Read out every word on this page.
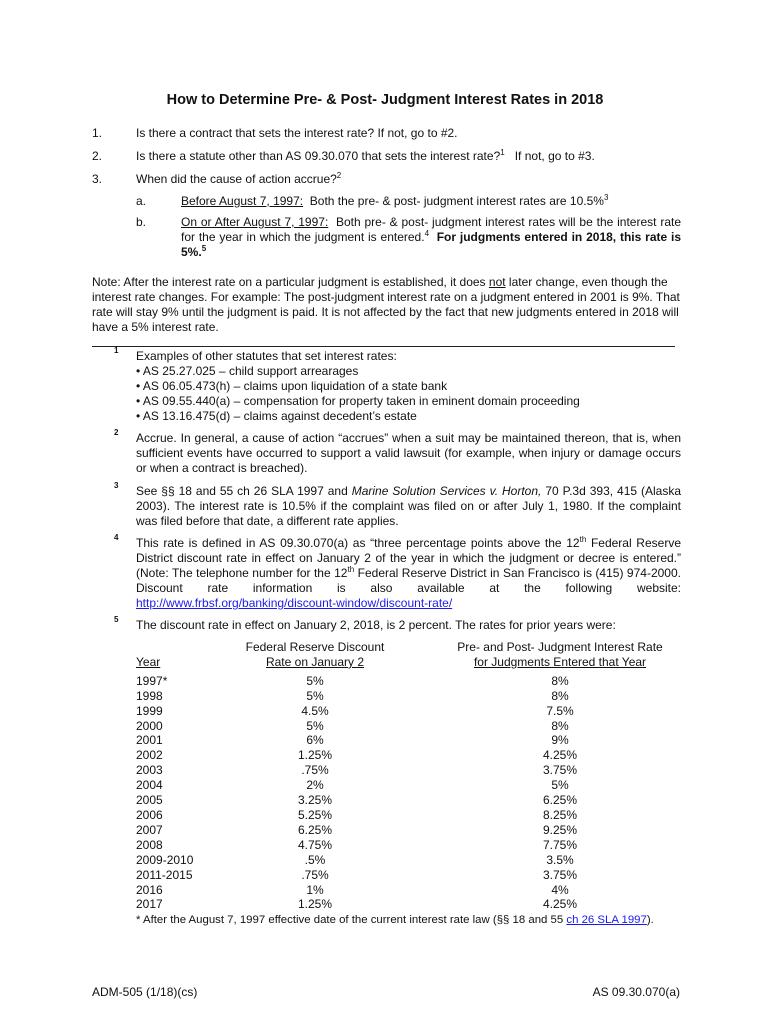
How to Determine Pre- & Post- Judgment Interest Rates in 2018
1.	Is there a contract that sets the interest rate? If not, go to #2.
2.	Is there a statute other than AS 09.30.070 that sets the interest rate?$^1$ If not, go to #3.
3.	When did the cause of action accrue?$^2$
a.	Before August 7, 1997: Both the pre- & post- judgment interest rates are 10.5%$^3$
b.	On or After August 7, 1997: Both pre- & post- judgment interest rates will be the interest rate for the year in which the judgment is entered.$^4$ For judgments entered in 2018, this rate is 5%.$^5$
Note: After the interest rate on a particular judgment is established, it does not later change, even though the interest rate changes. For example: The post-judgment interest rate on a judgment entered in 2001 is 9%. That rate will stay 9% until the judgment is paid. It is not affected by the fact that new judgments entered in 2018 will have a 5% interest rate.
1 Examples of other statutes that set interest rates:
• AS 25.27.025 – child support arrearages
• AS 06.05.473(h) – claims upon liquidation of a state bank
• AS 09.55.440(a) – compensation for property taken in eminent domain proceeding
• AS 13.16.475(d) – claims against decedent’s estate
2 Accrue. In general, a cause of action “accrues” when a suit may be maintained thereon, that is, when sufficient events have occurred to support a valid lawsuit (for example, when injury or damage occurs or when a contract is breached).
3 See §§ 18 and 55 ch 26 SLA 1997 and Marine Solution Services v. Horton, 70 P.3d 393, 415 (Alaska 2003). The interest rate is 10.5% if the complaint was filed on or after July 1, 1980. If the complaint was filed before that date, a different rate applies.
4 This rate is defined in AS 09.30.070(a) as “three percentage points above the 12th Federal Reserve District discount rate in effect on January 2 of the year in which the judgment or decree is entered.” (Note: The telephone number for the 12th Federal Reserve District in San Francisco is (415) 974-2000. Discount rate information is also available at the following website: http://www.frbsf.org/banking/discount-window/discount-rate/
5 The discount rate in effect on January 2, 2018, is 2 percent. The rates for prior years were:
	Federal Reserve Discount	Pre- and Post- Judgment Interest Rate
Year	Rate on January 2	for Judgments Entered that Year

1997*	5%	8%
1998	5%	8%
1999	4.5%	7.5%
2000	5%	8%
2001	6%	9%
2002	1.25%	4.25%
2003	.75%	3.75%
2004	2%	5%
2005	3.25%	6.25%
2006	5.25%	8.25%
2007	6.25%	9.25%
2008	4.75%	7.75%
2009-2010	.5%	3.5%
2011-2015	.75%	3.75%
2016	1%	4%
2017	1.25%	4.25%
* After the August 7, 1997 effective date of the current interest rate law (§§ 18 and 55 ch 26 SLA 1997).
ADM-505 (1/18)(cs)	AS 09.30.070(a)
